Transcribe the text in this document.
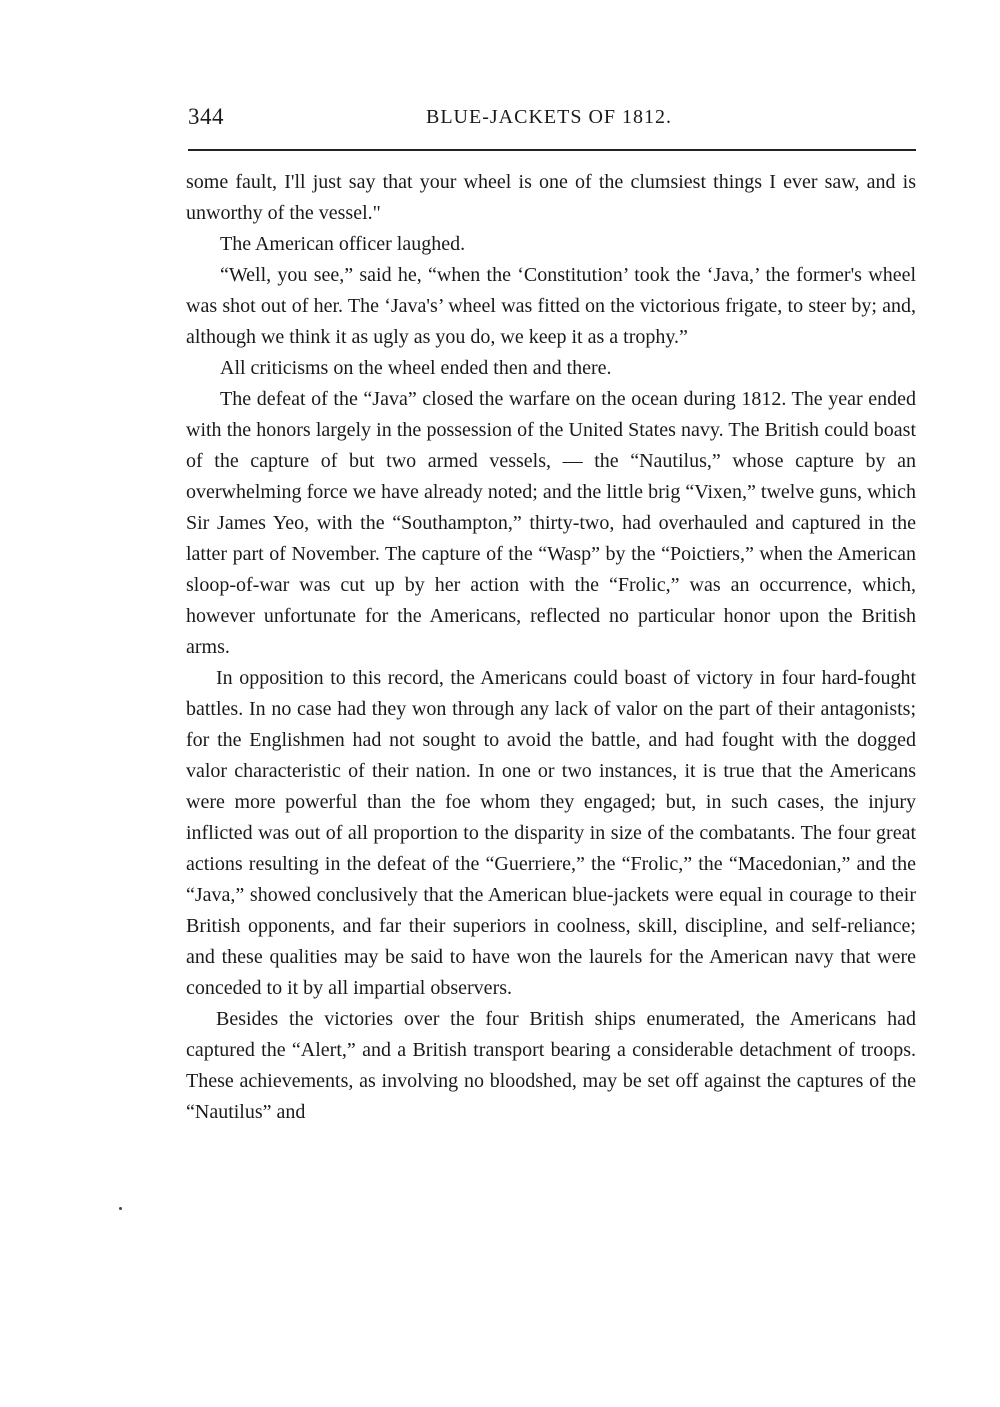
344	BLUE-JACKETS OF 1812.

some fault, I'll just say that your wheel is one of the clumsiest things I ever saw, and is unworthy of the vessel."

The American officer laughed.

“Well, you see,” said he, “when the ‘Constitution’ took the ‘Java,’ the former's wheel was shot out of her. The ‘Java's’ wheel was fitted on the victorious frigate, to steer by; and, although we think it as ugly as you do, we keep it as a trophy.”

All criticisms on the wheel ended then and there.

The defeat of the “Java” closed the warfare on the ocean during 1812. The year ended with the honors largely in the possession of the United States navy. The British could boast of the capture of but two armed vessels, — the “Nautilus,” whose capture by an overwhelming force we have already noted; and the little brig “Vixen,” twelve guns, which Sir James Yeo, with the “Southampton,” thirty-two, had overhauled and captured in the latter part of November. The capture of the “Wasp” by the “Poictiers,” when the American sloop-of-war was cut up by her action with the “Frolic,” was an occurrence, which, however unfortunate for the Americans, reflected no particular honor upon the British arms.

In opposition to this record, the Americans could boast of victory in four hard-fought battles. In no case had they won through any lack of valor on the part of their antagonists; for the Englishmen had not sought to avoid the battle, and had fought with the dogged valor characteristic of their nation. In one or two instances, it is true that the Americans were more powerful than the foe whom they engaged; but, in such cases, the injury inflicted was out of all proportion to the disparity in size of the combatants. The four great actions resulting in the defeat of the “Guerriere,” the “Frolic,” the “Macedonian,” and the “Java,” showed conclusively that the American blue-jackets were equal in courage to their British opponents, and far their superiors in coolness, skill, discipline, and self-reliance; and these qualities may be said to have won the laurels for the American navy that were conceded to it by all impartial observers.

Besides the victories over the four British ships enumerated, the Americans had captured the “Alert,” and a British transport bearing a considerable detachment of troops. These achievements, as involving no bloodshed, may be set off against the captures of the “Nautilus” and
